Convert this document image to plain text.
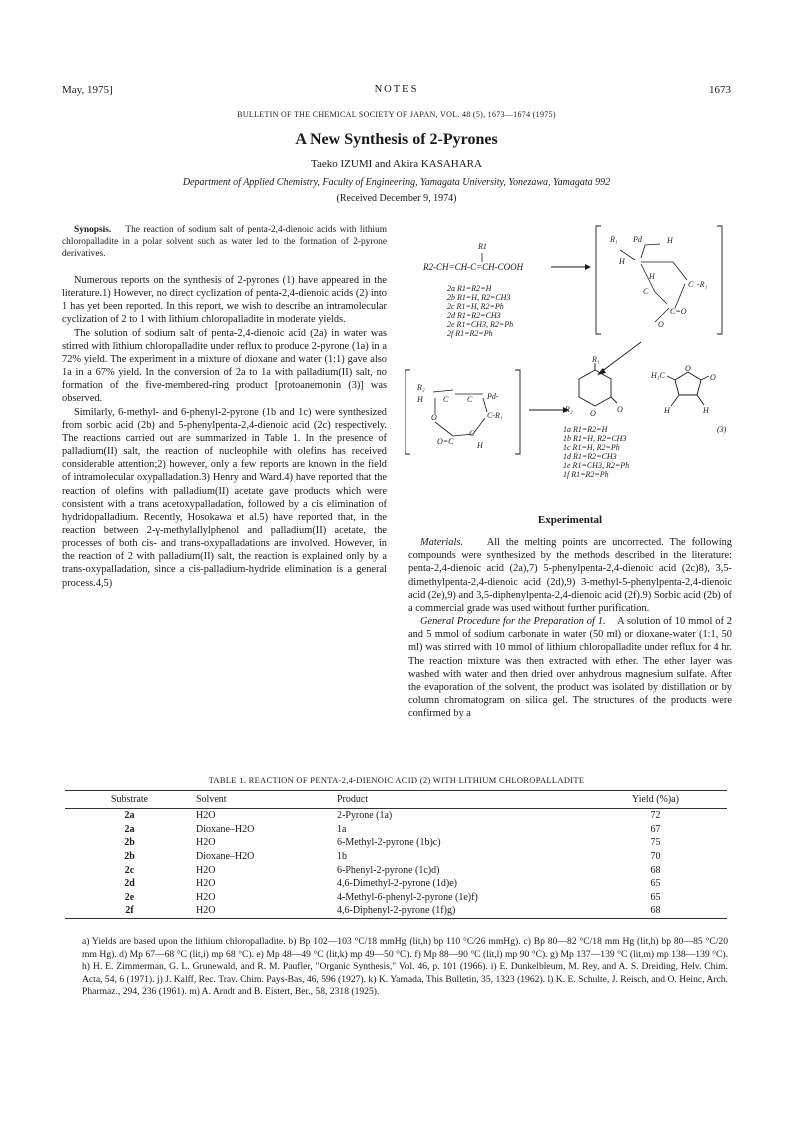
May, 1975]	NOTES	1673
BULLETIN OF THE CHEMICAL SOCIETY OF JAPAN, VOL. 48 (5), 1673—1674 (1975)
A New Synthesis of 2-Pyrones
Taeko IZUMI and Akira KASAHARA
Department of Applied Chemistry, Faculty of Engineering, Yamagata University, Yonezawa, Yamagata 992
(Received December 9, 1974)

Synopsis. The reaction of sodium salt of penta-2,4-dienoic acids with lithium chloropalladite in a polar solvent such as water led to the formation of 2-pyrone derivatives.

Numerous reports on the synthesis of 2-pyrones (1) have appeared in the literature.1) However, no direct cyclization of penta-2,4-dienoic acids (2) into 1 has yet been reported. In this report, we wish to describe an intramolecular cyclization of 2 to 1 with lithium chloropalladite in moderate yields.

The solution of sodium salt of penta-2,4-dienoic acid (2a) in water was stirred with lithium chloropalladite under reflux to produce 2-pyrone (1a) in a 72% yield. The experiment in a mixture of dioxane and water (1:1) gave also 1a in a 67% yield. In the conversion of 2a to 1a with palladium(II) salt, no formation of the five-membered-ring product [protoanemonin (3)] was observed.

Similarly, 6-methyl- and 6-phenyl-2-pyrone (1b and 1c) were synthesized from sorbic acid (2b) and 5-phenylpenta-2,4-dienoic acid (2c) respectively. The reactions carried out are summarized in Table 1. In the presence of palladium(II) salt, the reaction of nucleophile with olefins has received considerable attention;2) however, only a few reports are known in the field of intramolecular oxypalladation.3) Henry and Ward.4) have reported that the reaction of olefins with palladium(II) acetate gave products which were consistent with a trans acetoxypalladation, followed by a cis elimination of hydridopalladium. Recently, Hosokawa et al.5) have reported that, in the reaction between 2-γ-methylallylphenol and palladium(II) acetate, the processes of both cis- and trans-oxypalladations are involved. However, in the reaction of 2 with palladium(II) salt, the reaction is explained only by a trans-oxypalladation, since a cis-palladium-hydride elimination is a general process.4,5)

R1
R2-CH=CH-C=CH-COOH
2a R1=R2=H
2b R1=H, R2=CH3
2c R1=H, R2=Ph
2d R1=R2=CH3
2e R1=CH3, R2=Ph
2f R1=R2=Ph
R₁ Pd	H
H
H
C -R₁
C
O
C=O
R₂
H	C C Pd-
C-R₁
O
O=C
C
H
R₁
R₂ O	O
1a R1=R2=H
1b R1=H, R2=CH3
1c R1=H, R2=Ph
1d R1=R2=CH3
1e R1=CH3, R2=Ph
1f R1=R2=Ph
H₃C
O
O
H	H
(3)

Experimental

Materials. All the melting points are uncorrected. The following compounds were synthesized by the methods described in the literature: penta-2,4-dienoic acid (2a),7) 5-phenylpenta-2,4-dienoic acid (2c)8), 3,5-dimethylpenta-2,4-dienoic acid (2d),9) 3-methyl-5-phenylpenta-2,4-dienoic acid (2e),9) and 3,5-diphenylpenta-2,4-dienoic acid (2f).9) Sorbic acid (2b) of a commercial grade was used without further purification.

General Procedure for the Preparation of 1. A solution of 10 mmol of 2 and 5 mmol of sodium carbonate in water (50 ml) or dioxane-water (1:1, 50 ml) was stirred with 10 mmol of lithium chloropalladite under reflux for 4 hr. The reaction mixture was then extracted with ether. The ether layer was washed with water and then dried over anhydrous magnesium sulfate. After the evaporation of the solvent, the product was isolated by distillation or by column chromatogram on silica gel. The structures of the products were confirmed by a

TABLE 1. REACTION OF PENTA-2,4-DIENOIC ACID (2) WITH LITHIUM CHLOROPALLADITE
Substrate	Solvent	Product	Yield (%)a)
2a	H2O	2-Pyrone (1a)	72
2a	Dioxane–H2O	1a	67
2b	H2O	6-Methyl-2-pyrone (1b)c)	75
2b	Dioxane–H2O	1b	70
2c	H2O	6-Phenyl-2-pyrone (1c)d)	68
2d	H2O	4,6-Dimethyl-2-pyrone (1d)e)	65
2e	H2O	4-Methyl-6-phenyl-2-pyrone (1e)f)	65
2f	H2O	4,6-Diphenyl-2-pyrone (1f)g)	68
a) Yields are based upon the lithium chloropalladite. b) Bp 102—103 °C/18 mmHg (lit,h) bp 110 °C/26 mmHg). c) Bp 80—82 °C/18 mm Hg (lit,h) bp 80—85 °C/20 mm Hg). d) Mp 67—68 °C (lit,i) mp 68 °C). e) Mp 48—49 °C (lit,k) mp 49—50 °C). f) Mp 88—90 °C (lit,l) mp 90 °C). g) Mp 137—139 °C (lit,m) mp 138—139 °C). h) H. E. Zimmerman, G. L. Grunewald, and R. M. Paufler, "Organic Synthesis," Vol. 46, p. 101 (1966). i) E. Dunkelbleum, M. Rey, and A. S. Dreiding, Helv. Chim. Acta, 54, 6 (1971). j) J. Kalff, Rec. Trav. Chim. Pays-Bas, 46, 596 (1927). k) K. Yamada, This Bulletin, 35, 1323 (1962). l) K. E. Schulte, J. Reisch, and O. Heinc, Arch. Pharmaz., 294, 236 (1961). m) A. Arndt and B. Eistert, Ber., 58, 2318 (1925).
